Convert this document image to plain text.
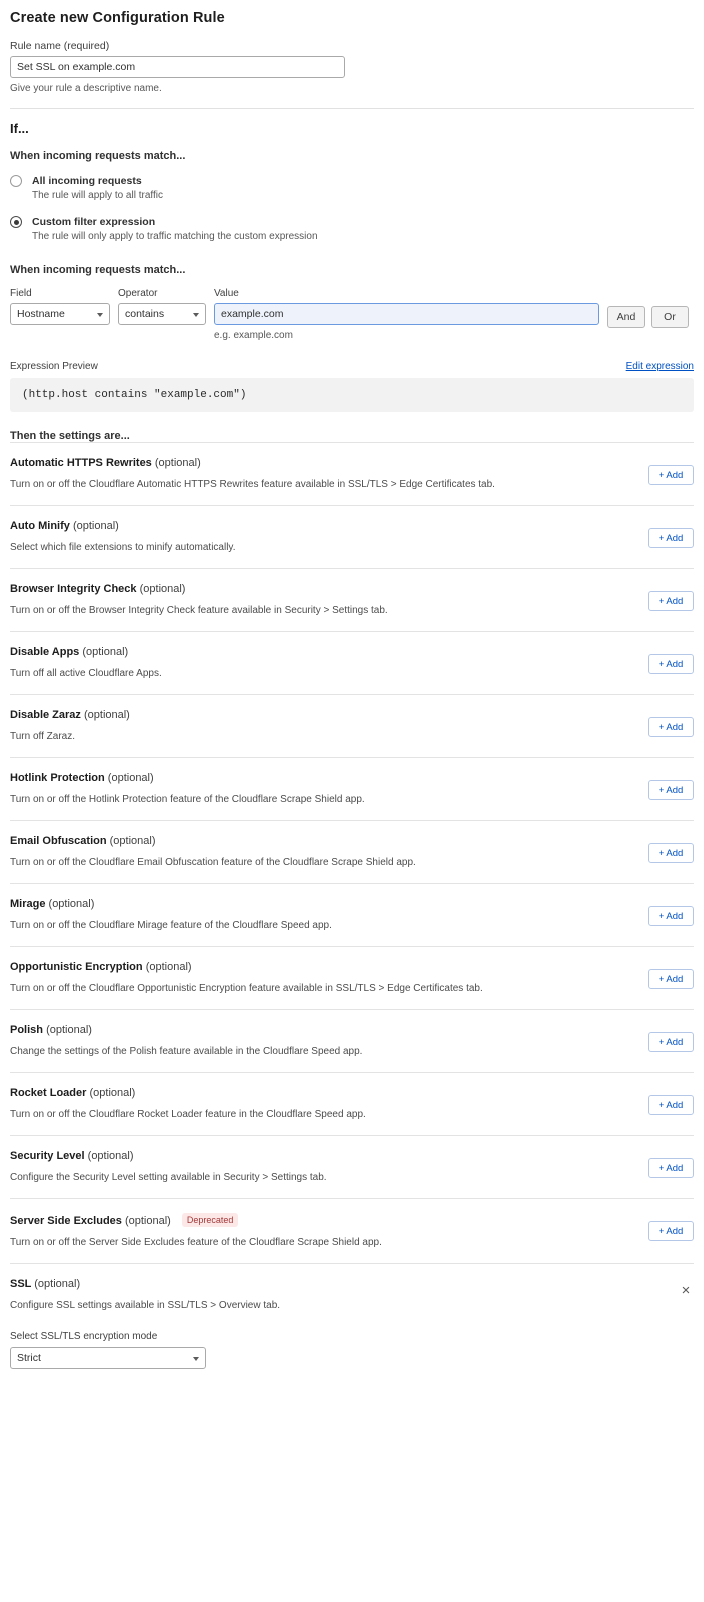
Create new Configuration Rule
Rule name (required)
Set SSL on example.com
Give your rule a descriptive name.
If...
When incoming requests match...
All incoming requests
The rule will apply to all traffic
Custom filter expression
The rule will only apply to traffic matching the custom expression
When incoming requests match...
Field
Hostname
Operator
contains
Value
example.com
e.g. example.com
And	Or
Expression Preview	Edit expression
(http.host contains "example.com")
Then the settings are...
Automatic HTTPS Rewrites (optional)
Turn on or off the Cloudflare Automatic HTTPS Rewrites feature available in SSL/TLS > Edge Certificates tab.
+ Add
Auto Minify (optional)
Select which file extensions to minify automatically.
+ Add
Browser Integrity Check (optional)
Turn on or off the Browser Integrity Check feature available in Security > Settings tab.
+ Add
Disable Apps (optional)
Turn off all active Cloudflare Apps.
+ Add
Disable Zaraz (optional)
Turn off Zaraz.
+ Add
Hotlink Protection (optional)
Turn on or off the Hotlink Protection feature of the Cloudflare Scrape Shield app.
+ Add
Email Obfuscation (optional)
Turn on or off the Cloudflare Email Obfuscation feature of the Cloudflare Scrape Shield app.
+ Add
Mirage (optional)
Turn on or off the Cloudflare Mirage feature of the Cloudflare Speed app.
+ Add
Opportunistic Encryption (optional)
Turn on or off the Cloudflare Opportunistic Encryption feature available in SSL/TLS > Edge Certificates tab.
+ Add
Polish (optional)
Change the settings of the Polish feature available in the Cloudflare Speed app.
+ Add
Rocket Loader (optional)
Turn on or off the Cloudflare Rocket Loader feature in the Cloudflare Speed app.
+ Add
Security Level (optional)
Configure the Security Level setting available in Security > Settings tab.
+ Add
Server Side Excludes (optional) Deprecated
Turn on or off the Server Side Excludes feature of the Cloudflare Scrape Shield app.
+ Add
SSL (optional)
Configure SSL settings available in SSL/TLS > Overview tab.
Select SSL/TLS encryption mode
Strict
×
